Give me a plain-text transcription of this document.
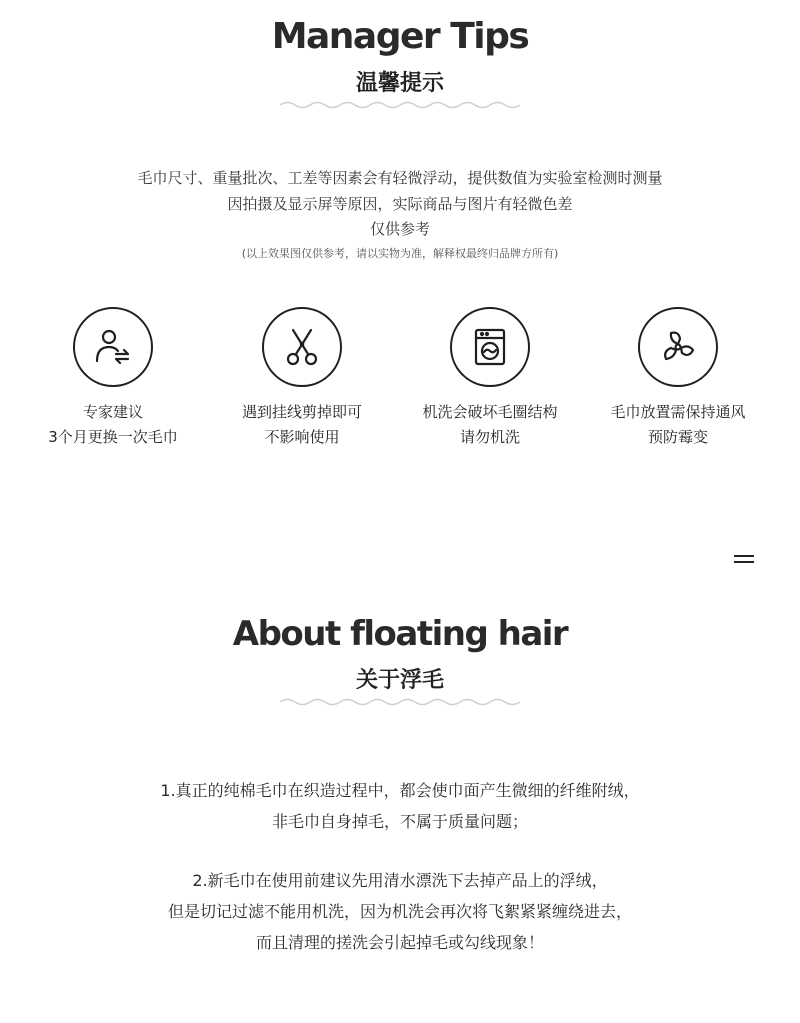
Manager Tips
温馨提示
毛巾尺寸、重量批次、工差等因素会有轻微浮动，提供数值为实验室检测时测量
因拍摄及显示屏等原因，实际商品与图片有轻微色差
仅供参考
(以上效果图仅供参考，请以实物为准，解释权最终归品牌方所有)
专家建议
3个月更换一次毛巾
遇到挂线剪掉即可
不影响使用
机洗会破坏毛圈结构
请勿机洗
毛巾放置需保持通风
预防霉变
About floating hair
关于浮毛
1.真正的纯棉毛巾在织造过程中，都会使巾面产生微细的纤维附绒，
非毛巾自身掉毛，不属于质量问题；
2.新毛巾在使用前建议先用清水漂洗下去掉产品上的浮绒，
但是切记过滤不能用机洗，因为机洗会再次将飞絮紧紧缠绕进去，
而且清理的搓洗会引起掉毛或勾线现象！
